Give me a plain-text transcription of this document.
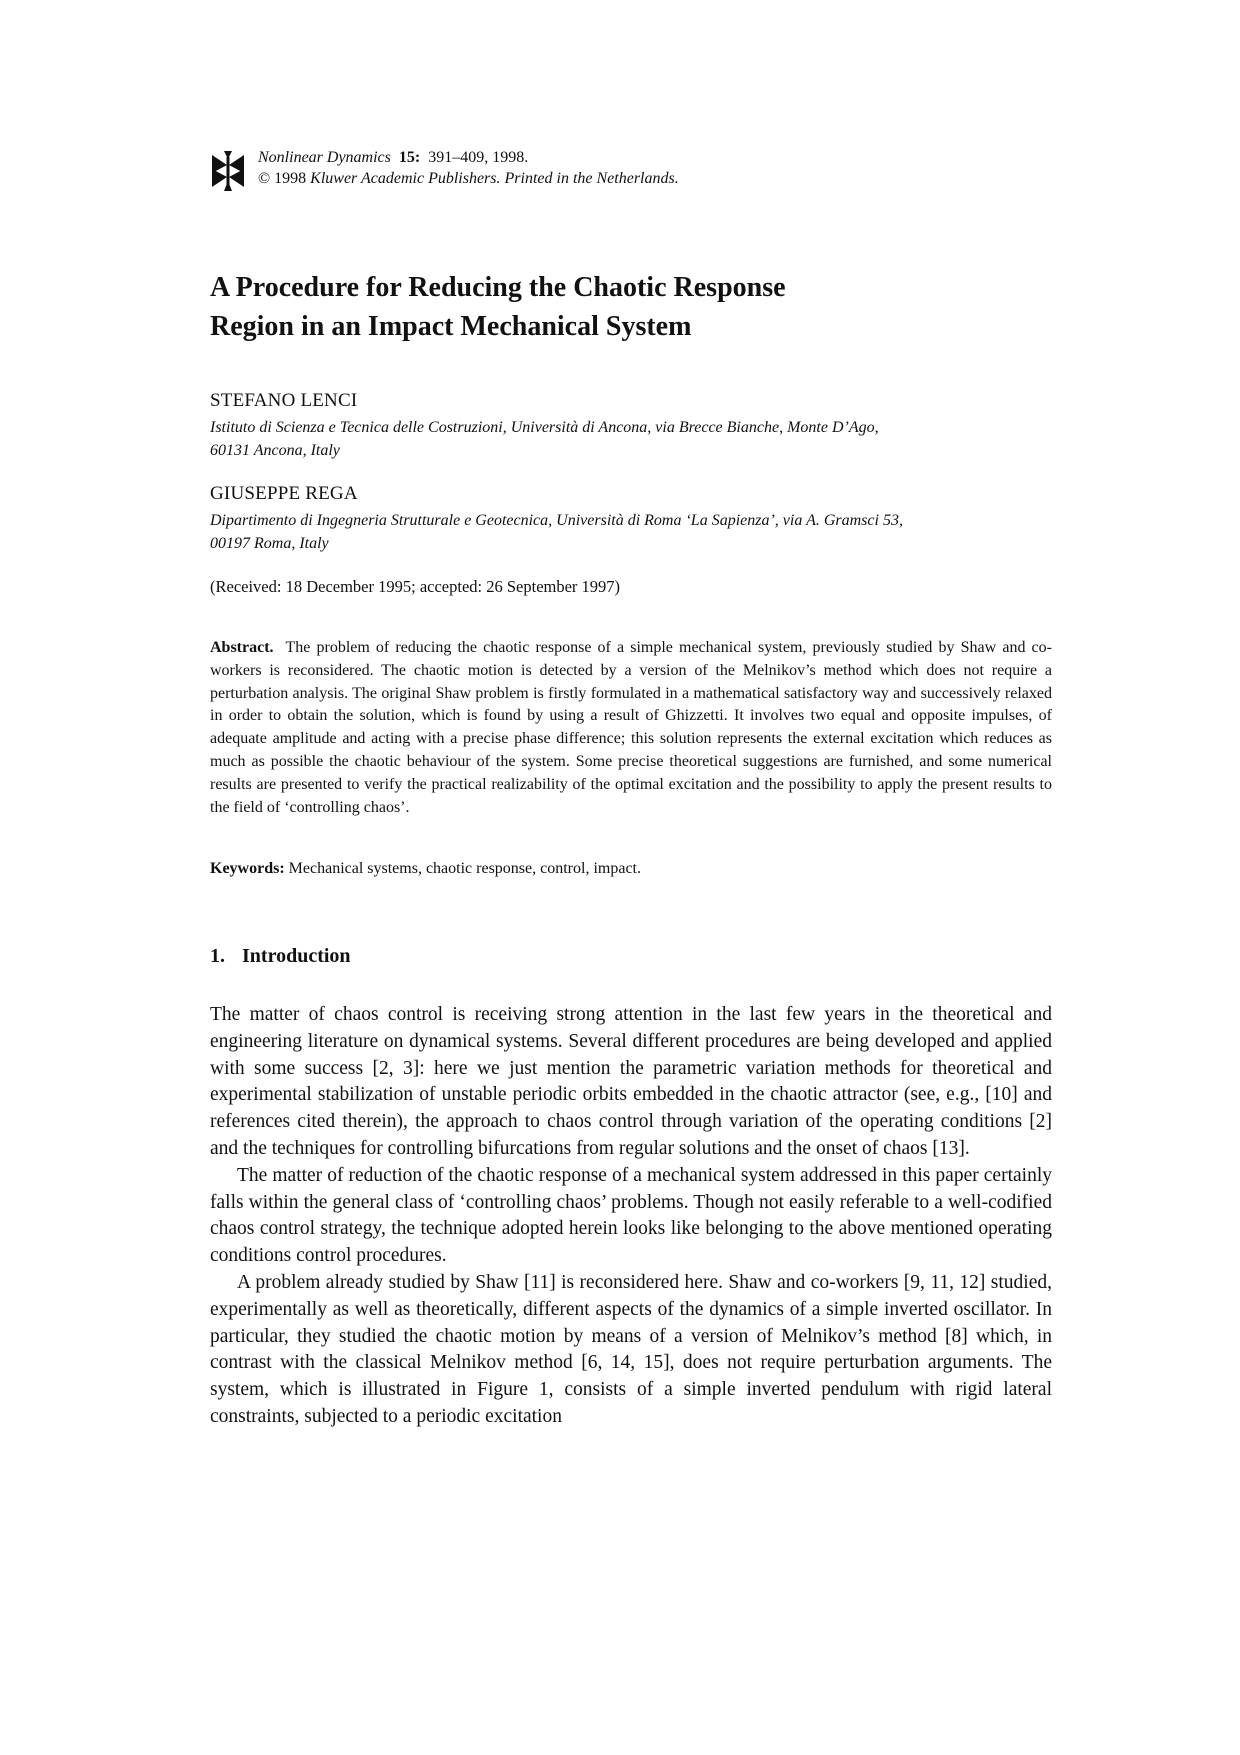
Nonlinear Dynamics 15: 391–409, 1998.
© 1998 Kluwer Academic Publishers. Printed in the Netherlands.
A Procedure for Reducing the Chaotic Response
Region in an Impact Mechanical System
STEFANO LENCI
Istituto di Scienza e Tecnica delle Costruzioni, Università di Ancona, via Brecce Bianche, Monte D’Ago,
60131 Ancona, Italy
GIUSEPPE REGA
Dipartimento di Ingegneria Strutturale e Geotecnica, Università di Roma ‘La Sapienza’, via A. Gramsci 53,
00197 Roma, Italy
(Received: 18 December 1995; accepted: 26 September 1997)

Abstract. The problem of reducing the chaotic response of a simple mechanical system, previously studied by Shaw and co-workers is reconsidered. The chaotic motion is detected by a version of the Melnikov’s method which does not require a perturbation analysis. The original Shaw problem is firstly formulated in a mathematical satisfactory way and successively relaxed in order to obtain the solution, which is found by using a result of Ghizzetti. It involves two equal and opposite impulses, of adequate amplitude and acting with a precise phase difference; this solution represents the external excitation which reduces as much as possible the chaotic behaviour of the system. Some precise theoretical suggestions are furnished, and some numerical results are presented to verify the practical realizability of the optimal excitation and the possibility to apply the present results to the field of ‘controlling chaos’.

Keywords: Mechanical systems, chaotic response, control, impact.
1. Introduction

The matter of chaos control is receiving strong attention in the last few years in the theoretical and engineering literature on dynamical systems. Several different procedures are being developed and applied with some success [2, 3]: here we just mention the parametric variation methods for theoretical and experimental stabilization of unstable periodic orbits embedded in the chaotic attractor (see, e.g., [10] and references cited therein), the approach to chaos control through variation of the operating conditions [2] and the techniques for controlling bifurcations from regular solutions and the onset of chaos [13].

The matter of reduction of the chaotic response of a mechanical system addressed in this paper certainly falls within the general class of ‘controlling chaos’ problems. Though not easily referable to a well-codified chaos control strategy, the technique adopted herein looks like belonging to the above mentioned operating conditions control procedures.

A problem already studied by Shaw [11] is reconsidered here. Shaw and co-workers [9, 11, 12] studied, experimentally as well as theoretically, different aspects of the dynamics of a simple inverted oscillator. In particular, they studied the chaotic motion by means of a version of Melnikov’s method [8] which, in contrast with the classical Melnikov method [6, 14, 15], does not require perturbation arguments. The system, which is illustrated in Figure 1, consists of a simple inverted pendulum with rigid lateral constraints, subjected to a periodic excitation
